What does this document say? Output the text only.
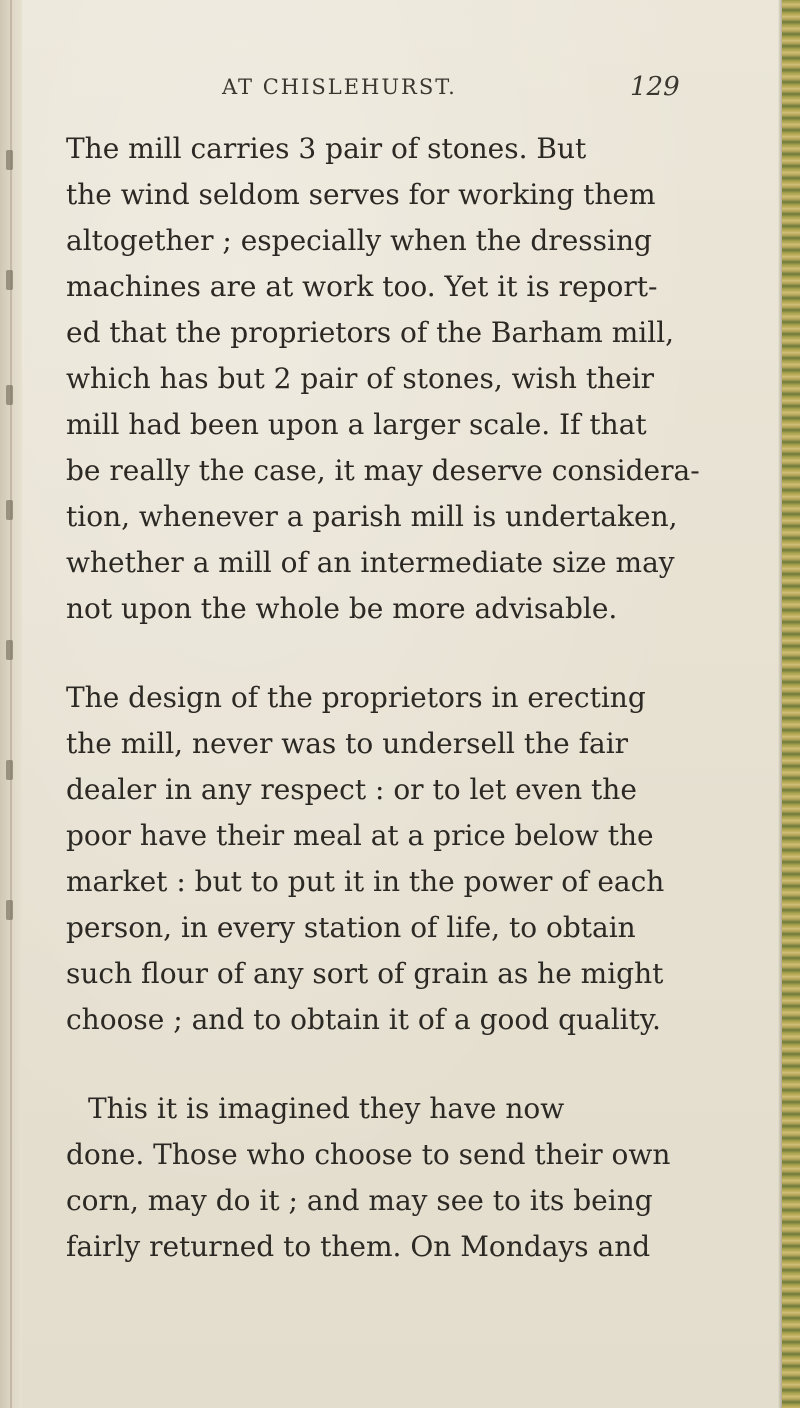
AT CHISLEHURST.	129
The mill carries 3 pair of stones. But
the wind seldom serves for working them
altogether ; especially when the dressing
machines are at work too. Yet it is report-
ed that the proprietors of the Barham mill,
which has but 2 pair of stones, wish their
mill had been upon a larger scale. If that
be really the case, it may deserve considera-
tion, whenever a parish mill is undertaken,
whether a mill of an intermediate size may
not upon the whole be more advisable.
The design of the proprietors in erecting
the mill, never was to undersell the fair
dealer in any respect : or to let even the
poor have their meal at a price below the
market : but to put it in the power of each
person, in every station of life, to obtain
such flour of any sort of grain as he might
choose ; and to obtain it of a good quality.
This it is imagined they have now
done. Those who choose to send their own
corn, may do it ; and may see to its being
fairly returned to them. On Mondays and
